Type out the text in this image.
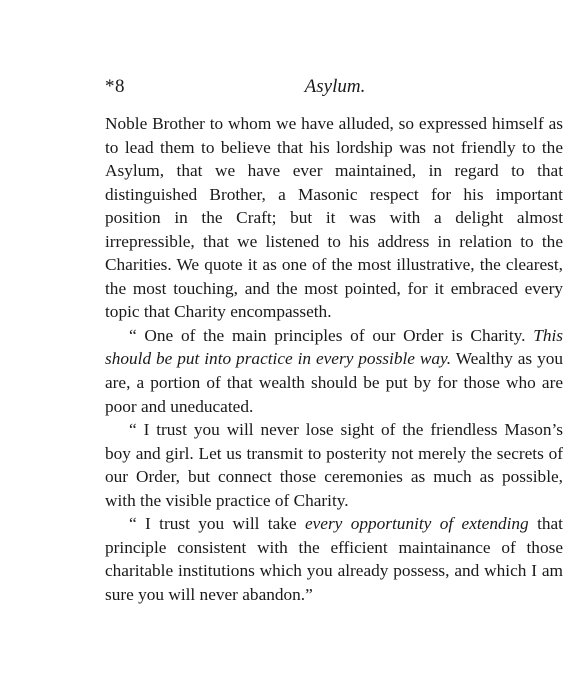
*8	Asylum.

Noble Brother to whom we have alluded, so expressed himself as to lead them to believe that his lordship was not friendly to the Asylum, that we have ever maintained, in regard to that distinguished Brother, a Masonic respect for his important position in the Craft; but it was with a delight almost irrepressible, that we listened to his address in relation to the Charities. We quote it as one of the most illustrative, the clearest, the most touching, and the most pointed, for it embraced every topic that Charity encompasseth.

“ One of the main principles of our Order is Charity. This should be put into practice in every possible way. Wealthy as you are, a portion of that wealth should be put by for those who are poor and uneducated.

“ I trust you will never lose sight of the friendless Mason’s boy and girl. Let us transmit to posterity not merely the secrets of our Order, but connect those ceremonies as much as possible, with the visible practice of Charity.

“ I trust you will take every opportunity of extending that principle consistent with the efficient maintainance of those charitable institutions which you already possess, and which I am sure you will never abandon.”
